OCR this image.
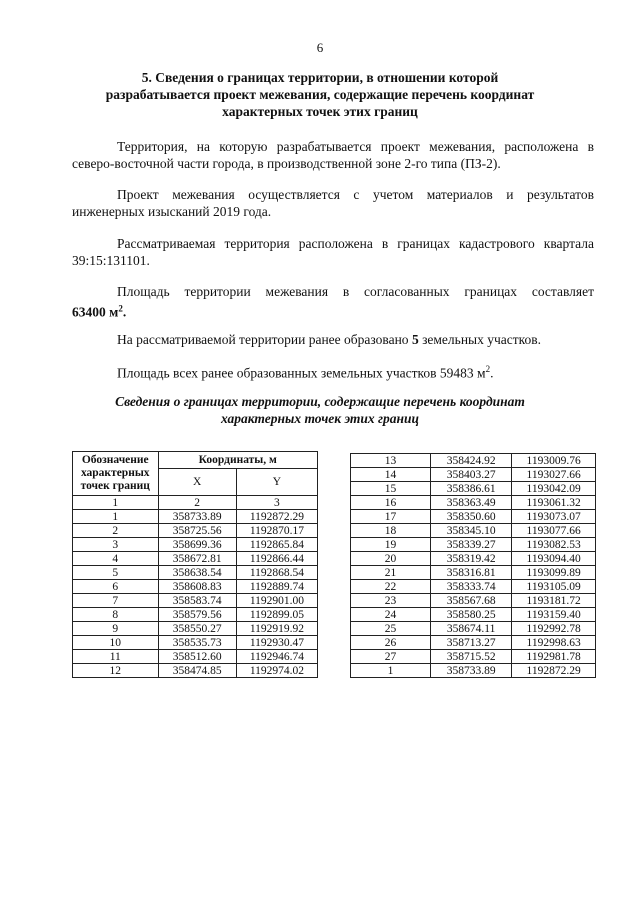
6
5. Сведения о границах территории, в отношении которой разрабатывается проект межевания, содержащие перечень координат характерных точек этих границ
Территория, на которую разрабатывается проект межевания, расположена в
северо-восточной части города, в производственной зоне 2-го типа (ПЗ-2).
Проект межевания осуществляется с учетом материалов и результатов
инженерных изысканий 2019 года.
Рассматриваемая территория расположена в границах кадастрового квартала
39:15:131101.
Площадь территории межевания в согласованных границах составляет
63400 $м^2$.
На рассматриваемой территории ранее образовано 5 земельных участков.
Площадь всех ранее образованных земельных участков 59483 $м^2$.
Сведения о границах территории, содержащие перечень координат характерных точек этих границ
Обозначение характерных точек границ	Координаты, м	
	X	Y
1	2	3
1	358733.89	1192872.29
2	358725.56	1192870.17
3	358699.36	1192865.84
4	358672.81	1192866.44
5	358638.54	1192868.54
6	358608.83	1192889.74
7	358583.74	1192901.00
8	358579.56	1192899.05
9	358550.27	1192919.92
10	358535.73	1192930.47
11	358512.60	1192946.74
12	358474.85	1192974.02
13	358424.92	1193009.76
14	358403.27	1193027.66
15	358386.61	1193042.09
16	358363.49	1193061.32
17	358350.60	1193073.07
18	358345.10	1193077.66
19	358339.27	1193082.53
20	358319.42	1193094.40
21	358316.81	1193099.89
22	358333.74	1193105.09
23	358567.68	1193181.72
24	358580.25	1193159.40
25	358674.11	1192992.78
26	358713.27	1192998.63
27	358715.52	1192981.78
1	358733.89	1192872.29
